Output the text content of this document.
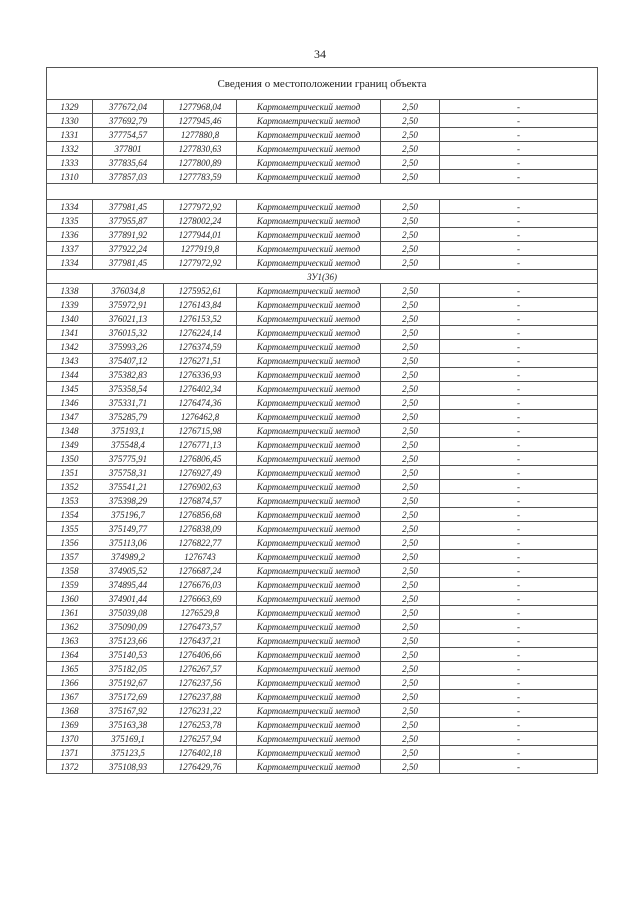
34
Сведения о местоположении границ объекта					
1329	377672,04	1277968,04	Картометрический метод	2,50	-
1330	377692,79	1277945,46	Картометрический метод	2,50	-
1331	377754,57	1277880,8	Картометрический метод	2,50	-
1332	377801	1277830,63	Картометрический метод	2,50	-
1333	377835,64	1277800,89	Картометрический метод	2,50	-
1310	377857,03	1277783,59	Картометрический метод	2,50	-

1334	377981,45	1277972,92	Картометрический метод	2,50	-
1335	377955,87	1278002,24	Картометрический метод	2,50	-
1336	377891,92	1277944,01	Картометрический метод	2,50	-
1337	377922,24	1277919,8	Картометрический метод	2,50	-
1334	377981,45	1277972,92	Картометрический метод	2,50	-
ЗУ1(36)					
1338	376034,8	1275952,61	Картометрический метод	2,50	-
1339	375972,91	1276143,84	Картометрический метод	2,50	-
1340	376021,13	1276153,52	Картометрический метод	2,50	-
1341	376015,32	1276224,14	Картометрический метод	2,50	-
1342	375993,26	1276374,59	Картометрический метод	2,50	-
1343	375407,12	1276271,51	Картометрический метод	2,50	-
1344	375382,83	1276336,93	Картометрический метод	2,50	-
1345	375358,54	1276402,34	Картометрический метод	2,50	-
1346	375331,71	1276474,36	Картометрический метод	2,50	-
1347	375285,79	1276462,8	Картометрический метод	2,50	-
1348	375193,1	1276715,98	Картометрический метод	2,50	-
1349	375548,4	1276771,13	Картометрический метод	2,50	-
1350	375775,91	1276806,45	Картометрический метод	2,50	-
1351	375758,31	1276927,49	Картометрический метод	2,50	-
1352	375541,21	1276902,63	Картометрический метод	2,50	-
1353	375398,29	1276874,57	Картометрический метод	2,50	-
1354	375196,7	1276856,68	Картометрический метод	2,50	-
1355	375149,77	1276838,09	Картометрический метод	2,50	-
1356	375113,06	1276822,77	Картометрический метод	2,50	-
1357	374989,2	1276743	Картометрический метод	2,50	-
1358	374905,52	1276687,24	Картометрический метод	2,50	-
1359	374895,44	1276676,03	Картометрический метод	2,50	-
1360	374901,44	1276663,69	Картометрический метод	2,50	-
1361	375039,08	1276529,8	Картометрический метод	2,50	-
1362	375090,09	1276473,57	Картометрический метод	2,50	-
1363	375123,66	1276437,21	Картометрический метод	2,50	-
1364	375140,53	1276406,66	Картометрический метод	2,50	-
1365	375182,05	1276267,57	Картометрический метод	2,50	-
1366	375192,67	1276237,56	Картометрический метод	2,50	-
1367	375172,69	1276237,88	Картометрический метод	2,50	-
1368	375167,92	1276231,22	Картометрический метод	2,50	-
1369	375163,38	1276253,78	Картометрический метод	2,50	-
1370	375169,1	1276257,94	Картометрический метод	2,50	-
1371	375123,5	1276402,18	Картометрический метод	2,50	-
1372	375108,93	1276429,76	Картометрический метод	2,50	-
